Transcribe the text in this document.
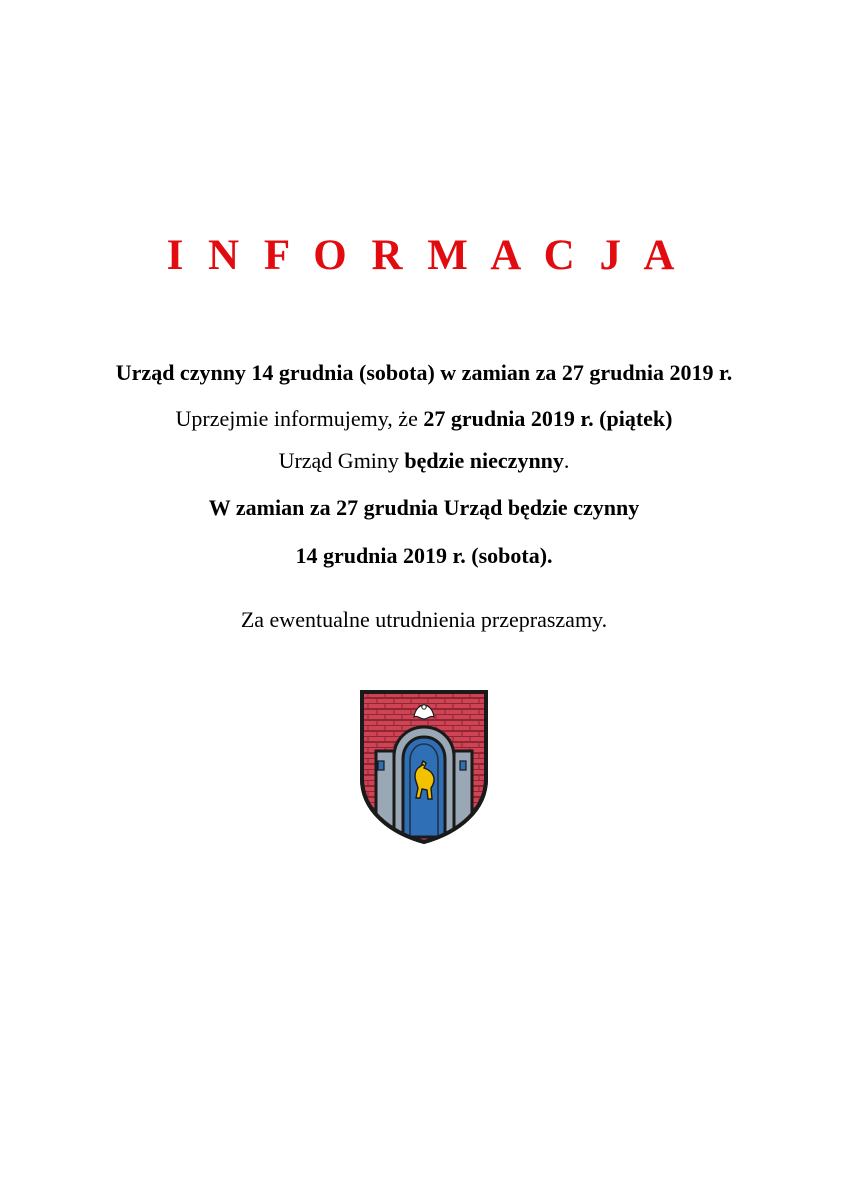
I N F O R M A C J A

Urząd czynny 14 grudnia (sobota) w zamian za 27 grudnia 2019 r.

Uprzejmie informujemy, że 27 grudnia 2019 r. (piątek)

Urząd Gminy będzie nieczynny.

W zamian za 27 grudnia Urząd będzie czynny

14 grudnia 2019 r. (sobota).

Za ewentualne utrudnienia przepraszamy.
